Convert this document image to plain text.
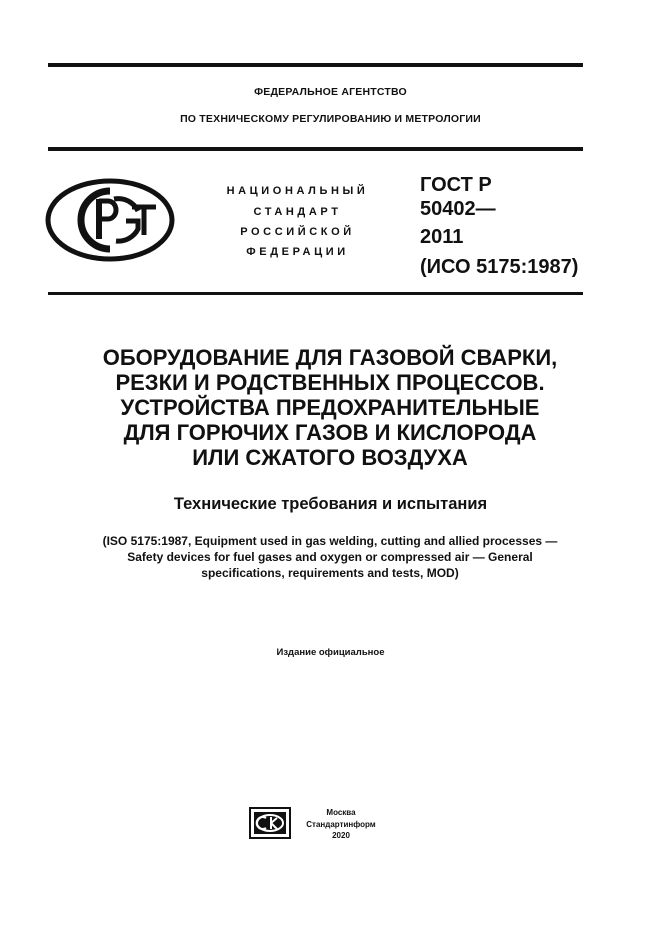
ФЕДЕРАЛЬНОЕ АГЕНТСТВО
ПО ТЕХНИЧЕСКОМУ РЕГУЛИРОВАНИЮ И МЕТРОЛОГИИ
НАЦИОНАЛЬНЫЙ
СТАНДАРТ
РОССИЙСКОЙ
ФЕДЕРАЦИИ
ГОСТ Р
50402—
2011
(ИСО 5175:1987)
ОБОРУДОВАНИЕ ДЛЯ ГАЗОВОЙ СВАРКИ,
РЕЗКИ И РОДСТВЕННЫХ ПРОЦЕССОВ.
УСТРОЙСТВА ПРЕДОХРАНИТЕЛЬНЫЕ
ДЛЯ ГОРЮЧИХ ГАЗОВ И КИСЛОРОДА
ИЛИ СЖАТОГО ВОЗДУХА
Технические требования и испытания
(ISO 5175:1987, Equipment used in gas welding, cutting and allied processes —
Safety devices for fuel gases and oxygen or compressed air — General
specifications, requirements and tests, MOD)
Издание официальное
Москва
Стандартинформ
2020
